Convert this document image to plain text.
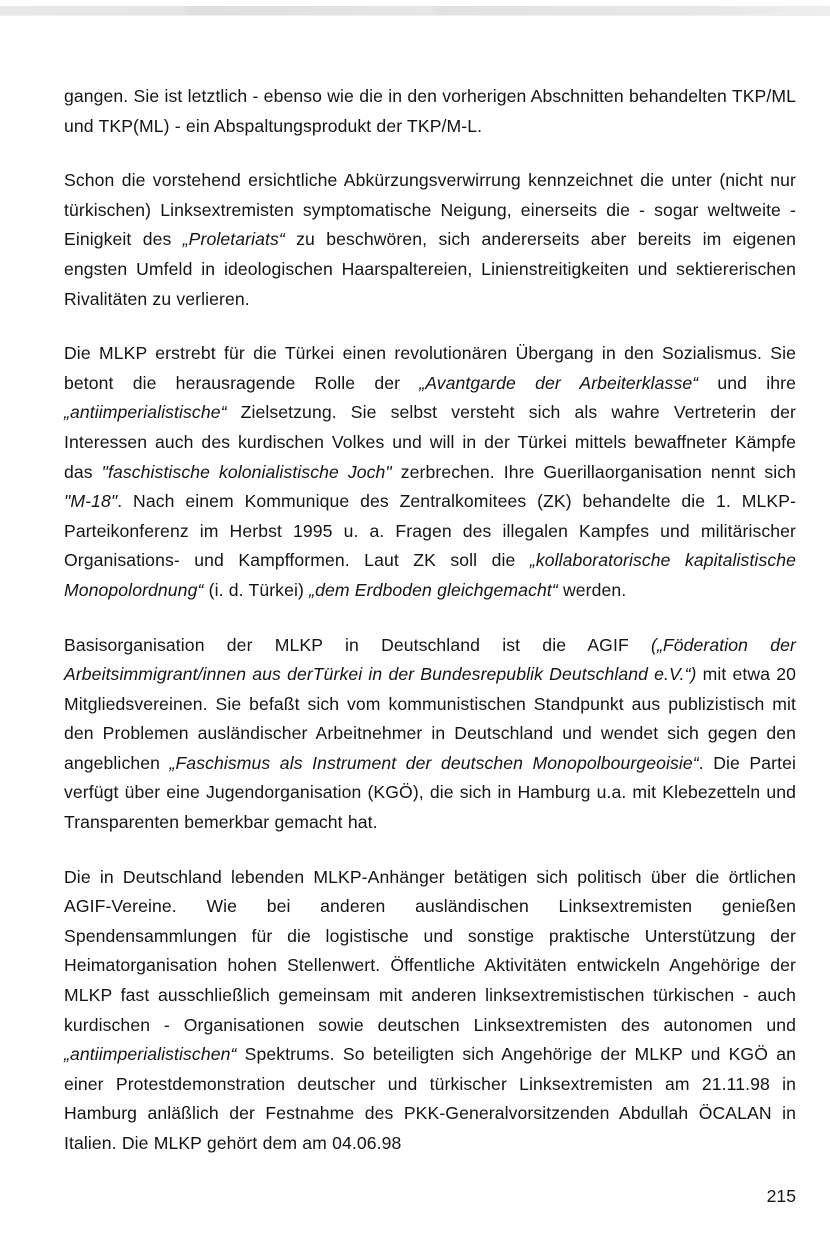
gangen. Sie ist letztlich - ebenso wie die in den vorherigen Abschnitten behandelten TKP/ML und TKP(ML) - ein Abspaltungsprodukt der TKP/M-L.

Schon die vorstehend ersichtliche Abkürzungsverwirrung kennzeichnet die unter (nicht nur türkischen) Linksextremisten symptomatische Neigung, einerseits die - sogar weltweite - Einigkeit des „Proletariats“ zu beschwören, sich andererseits aber bereits im eigenen engsten Umfeld in ideologischen Haarspaltereien, Linienstreitigkeiten und sektiererischen Rivalitäten zu verlieren.

Die MLKP erstrebt für die Türkei einen revolutionären Übergang in den Sozialismus. Sie betont die herausragende Rolle der „Avantgarde der Arbeiterklasse“ und ihre „antiimperialistische“ Zielsetzung. Sie selbst versteht sich als wahre Vertreterin der Interessen auch des kurdischen Volkes und will in der Türkei mittels bewaffneter Kämpfe das "faschistische kolonialistische Joch" zerbrechen. Ihre Guerillaorganisation nennt sich "M-18". Nach einem Kommunique des Zentralkomitees (ZK) behandelte die 1. MLKP-Parteikonferenz im Herbst 1995 u. a. Fragen des illegalen Kampfes und militärischer Organisations- und Kampfformen. Laut ZK soll die „kollaboratorische kapitalistische Monopolordnung“ (i. d. Türkei) „dem Erdboden gleichgemacht“ werden.

Basisorganisation der MLKP in Deutschland ist die AGIF („Föderation der Arbeitsimmigrant/innen aus derTürkei in der Bundesrepublik Deutschland e.V.“) mit etwa 20 Mitgliedsvereinen. Sie befaßt sich vom kommunistischen Standpunkt aus publizistisch mit den Problemen ausländischer Arbeitnehmer in Deutschland und wendet sich gegen den angeblichen „Faschismus als Instrument der deutschen Monopolbourgeoisie“. Die Partei verfügt über eine Jugendorganisation (KGÖ), die sich in Hamburg u.a. mit Klebezetteln und Transparenten bemerkbar gemacht hat.

Die in Deutschland lebenden MLKP-Anhänger betätigen sich politisch über die örtlichen AGIF-Vereine. Wie bei anderen ausländischen Linksextremisten genießen Spendensammlungen für die logistische und sonstige praktische Unterstützung der Heimatorganisation hohen Stellenwert. Öffentliche Aktivitäten entwickeln Angehörige der MLKP fast ausschließlich gemeinsam mit anderen linksextremistischen türkischen - auch kurdischen - Organisationen sowie deutschen Linksextremisten des autonomen und „antiimperialistischen“ Spektrums. So beteiligten sich Angehörige der MLKP und KGÖ an einer Protestdemonstration deutscher und türkischer Linksextremisten am 21.11.98 in Hamburg anläßlich der Festnahme des PKK-Generalvorsitzenden Abdullah ÖCALAN in Italien. Die MLKP gehört dem am 04.06.98

215
